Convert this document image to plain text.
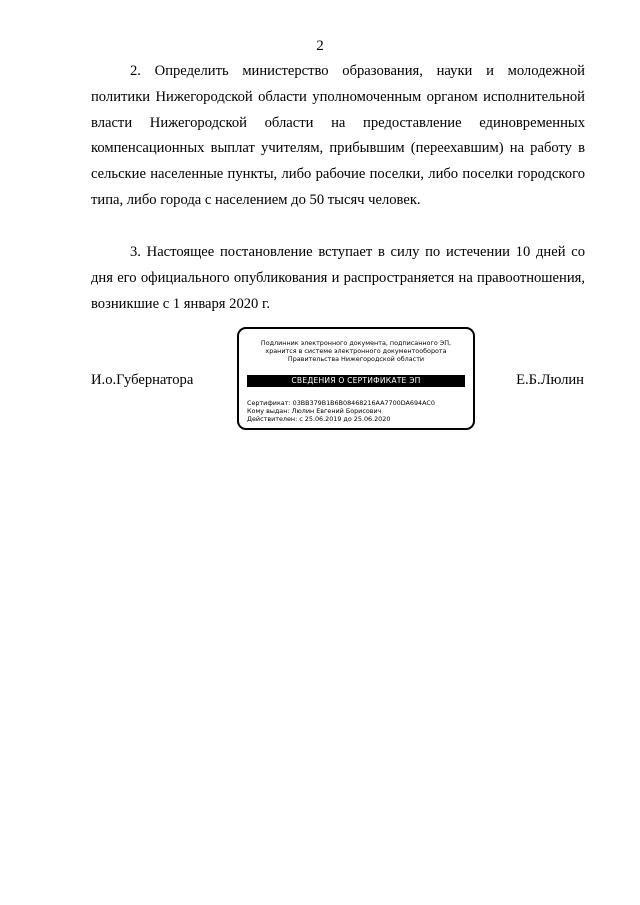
2

2. Определить министерство образования, науки и молодежной политики Нижегородской области уполномоченным органом исполнительной власти Нижегородской области на предоставление единовременных компенсационных выплат учителям, прибывшим (переехавшим) на работу в сельские населенные пункты, либо рабочие поселки, либо поселки городского типа, либо города с населением до 50 тысяч человек.

3. Настоящее постановление вступает в силу по истечении 10 дней со дня его официального опубликования и распространяется на правоотношения, возникшие с 1 января 2020 г.

И.о.Губернатора	Е.Б.Люлин
Подлинник электронного документа, подписанного ЭП,
хранится в системе электронного документооборота
Правительства Нижегородской области
СВЕДЕНИЯ О СЕРТИФИКАТЕ ЭП
Сертификат: 03BB379B1B6B08468216AA7700DA694AC0
Кому выдан: Люлин Евгений Борисович
Действителен: с 25.06.2019 до 25.06.2020
